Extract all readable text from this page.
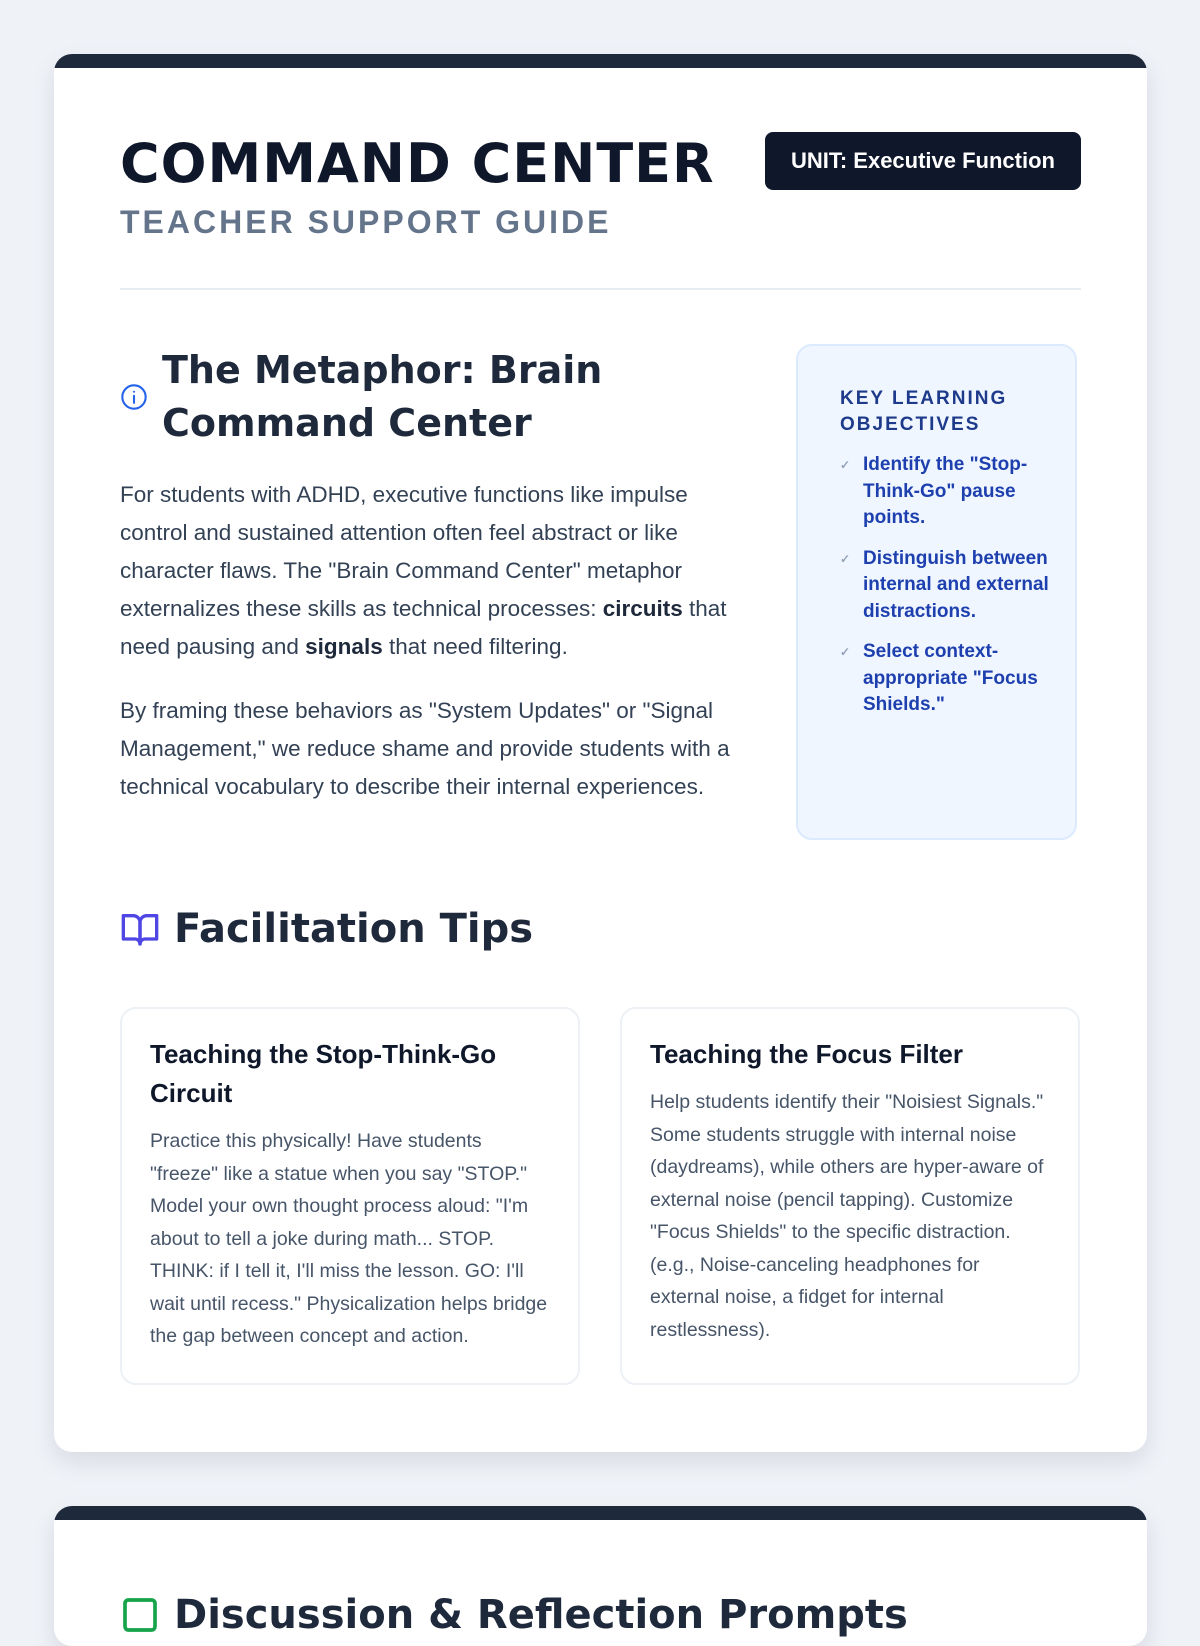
COMMAND CENTER
TEACHER SUPPORT GUIDE
UNIT: Executive Function
The Metaphor: Brain Command Center

For students with ADHD, executive functions like impulse control and sustained attention often feel abstract or like character flaws. The "Brain Command Center" metaphor externalizes these skills as technical processes: circuits that need pausing and signals that need filtering.

By framing these behaviors as "System Updates" or "Signal Management," we reduce shame and provide students with a technical vocabulary to describe their internal experiences.

KEY LEARNING OBJECTIVES
✓ Identify the "Stop-Think-Go" pause points.
✓ Distinguish between internal and external distractions.
✓ Select context-appropriate "Focus Shields."
Facilitation Tips
Teaching the Stop-Think-Go Circuit

Practice this physically! Have students "freeze" like a statue when you say "STOP." Model your own thought process aloud: "I'm about to tell a joke during math... STOP. THINK: if I tell it, I'll miss the lesson. GO: I'll wait until recess." Physicalization helps bridge the gap between concept and action.

Teaching the Focus Filter

Help students identify their "Noisiest Signals." Some students struggle with internal noise (daydreams), while others are hyper-aware of external noise (pencil tapping). Customize "Focus Shields" to the specific distraction. (e.g., Noise-canceling headphones for external noise, a fidget for internal restlessness).

Discussion & Reflection Prompts
